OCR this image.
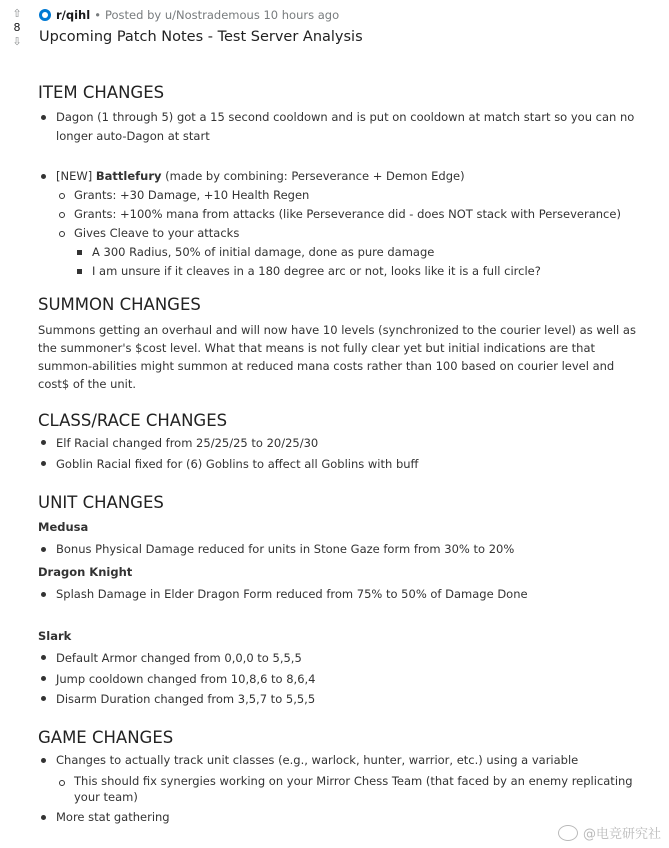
⇧
8
⇩
r/qihl • Posted by u/Nostrademous 10 hours ago
Upcoming Patch Notes - Test Server Analysis
ITEM CHANGES
Dagon (1 through 5) got a 15 second cooldown and is put on cooldown at match start so you can no longer auto-Dagon at start
[NEW] Battlefury (made by combining: Perseverance + Demon Edge)
Grants: +30 Damage, +10 Health Regen
Grants: +100% mana from attacks (like Perseverance did - does NOT stack with Perseverance)
Gives Cleave to your attacks
A 300 Radius, 50% of initial damage, done as pure damage
I am unsure if it cleaves in a 180 degree arc or not, looks like it is a full circle?
SUMMON CHANGES

Summons getting an overhaul and will now have 10 levels (synchronized to the courier level) as well as the summoner's $cost level. What that means is not fully clear yet but initial indications are that summon-abilities might summon at reduced mana costs rather than 100 based on courier level and cost$ of the unit.

CLASS/RACE CHANGES
Elf Racial changed from 25/25/25 to 20/25/30
Goblin Racial fixed for (6) Goblins to affect all Goblins with buff
UNIT CHANGES
Medusa
Bonus Physical Damage reduced for units in Stone Gaze form from 30% to 20%
Dragon Knight
Splash Damage in Elder Dragon Form reduced from 75% to 50% of Damage Done
Slark
Default Armor changed from 0,0,0 to 5,5,5
Jump cooldown changed from 10,8,6 to 8,6,4
Disarm Duration changed from 3,5,7 to 5,5,5
GAME CHANGES
Changes to actually track unit classes (e.g., warlock, hunter, warrior, etc.) using a variable
This should fix synergies working on your Mirror Chess Team (that faced by an enemy replicating your team)
More stat gathering
@电竞研究社
